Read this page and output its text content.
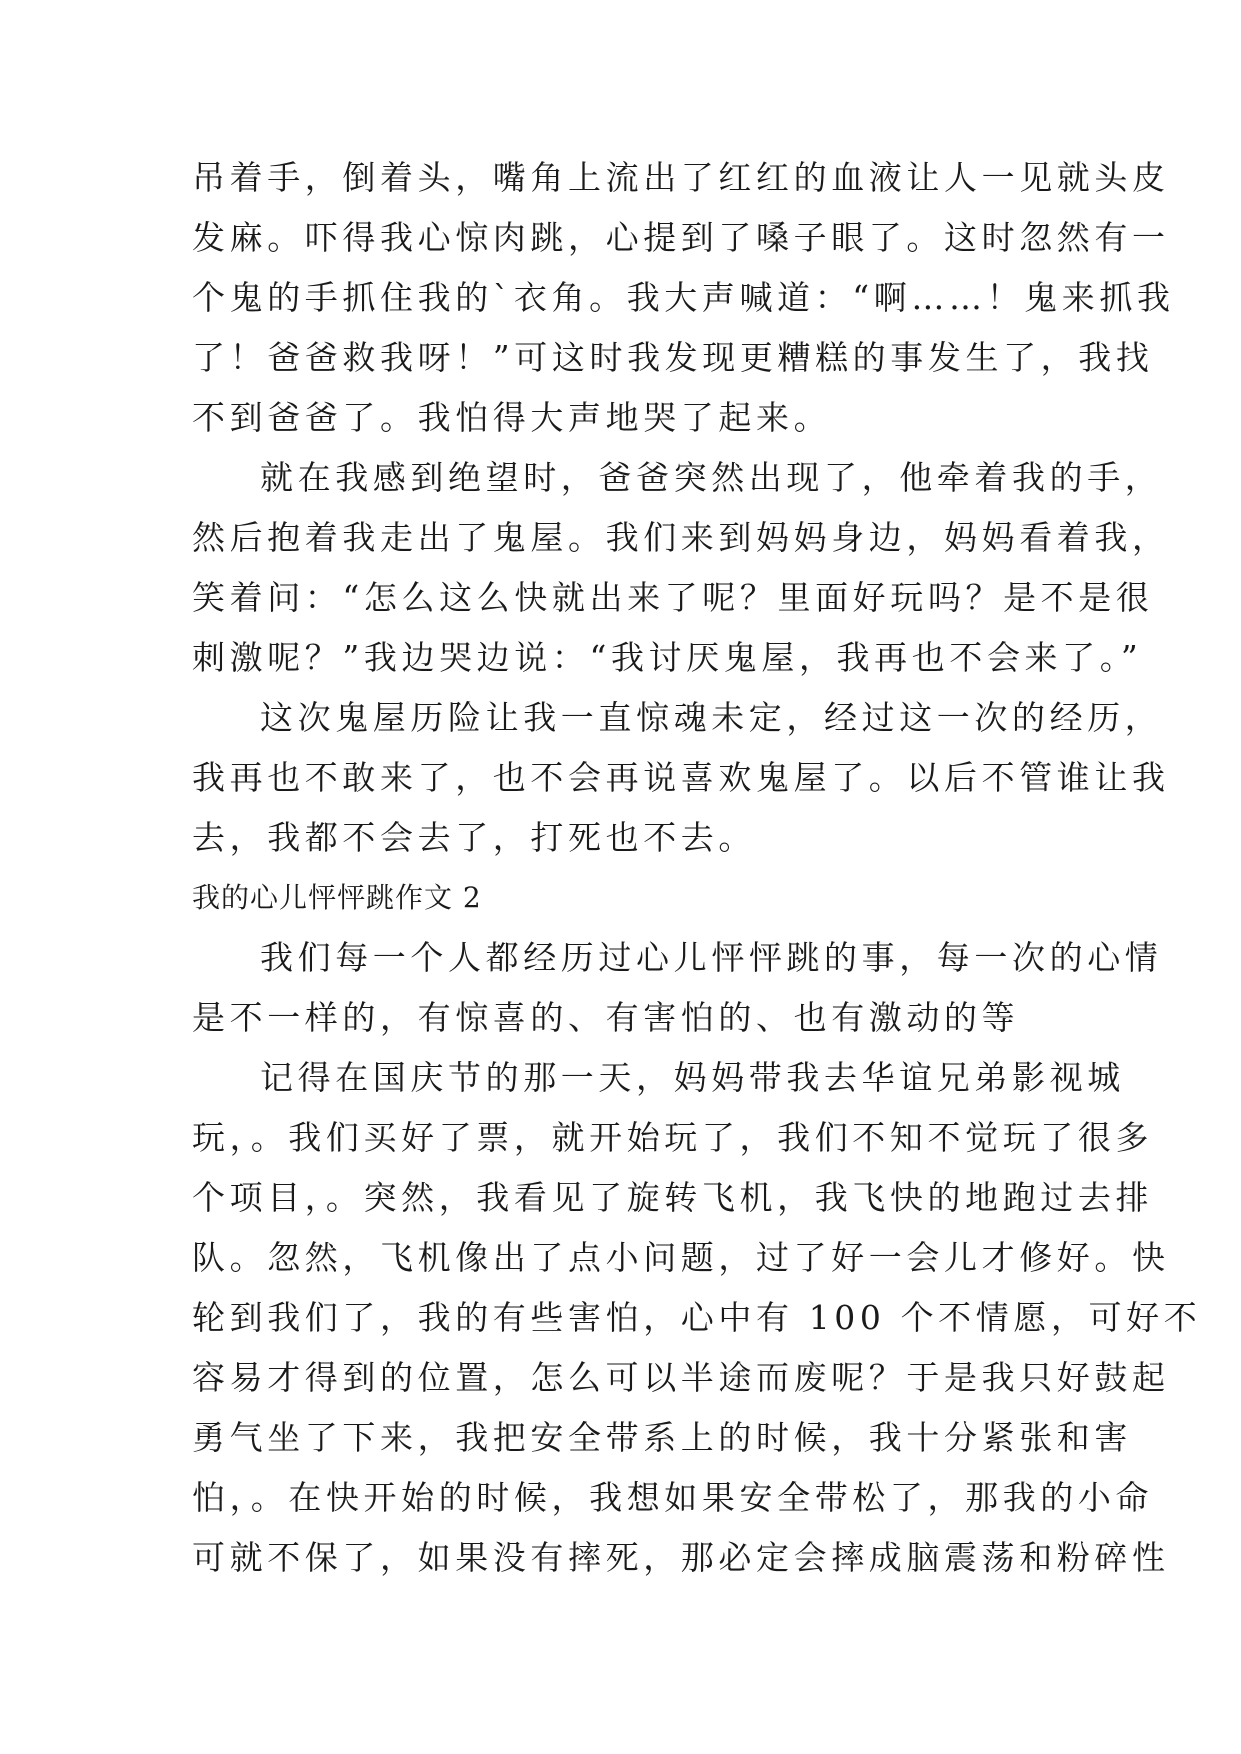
吊着手，倒着头，嘴角上流出了红红的血液让人一见就头皮

发麻。吓得我心惊肉跳，心提到了嗓子眼了。这时忽然有一

个鬼的手抓住我的`衣角。我大声喊道：“啊……！鬼来抓我

了！爸爸救我呀！”可这时我发现更糟糕的事发生了，我找

不到爸爸了。我怕得大声地哭了起来。

就在我感到绝望时，爸爸突然出现了，他牵着我的手，

然后抱着我走出了鬼屋。我们来到妈妈身边，妈妈看着我，

笑着问：“怎么这么快就出来了呢？里面好玩吗？是不是很

刺激呢？”我边哭边说：“我讨厌鬼屋，我再也不会来了。”

这次鬼屋历险让我一直惊魂未定，经过这一次的经历，

我再也不敢来了，也不会再说喜欢鬼屋了。以后不管谁让我

去，我都不会去了，打死也不去。

我的心儿怦怦跳作文 2

我们每一个人都经历过心儿怦怦跳的事，每一次的心情

是不一样的，有惊喜的、有害怕的、也有激动的等

记得在国庆节的那一天，妈妈带我去华谊兄弟影视城

玩，。我们买好了票，就开始玩了，我们不知不觉玩了很多

个项目，。突然，我看见了旋转飞机，我飞快的地跑过去排

队。忽然，飞机像出了点小问题，过了好一会儿才修好。快

轮到我们了，我的有些害怕，心中有 100 个不情愿，可好不

容易才得到的位置，怎么可以半途而废呢？于是我只好鼓起

勇气坐了下来，我把安全带系上的时候，我十分紧张和害

怕，。在快开始的时候，我想如果安全带松了，那我的小命

可就不保了，如果没有摔死，那必定会摔成脑震荡和粉碎性
